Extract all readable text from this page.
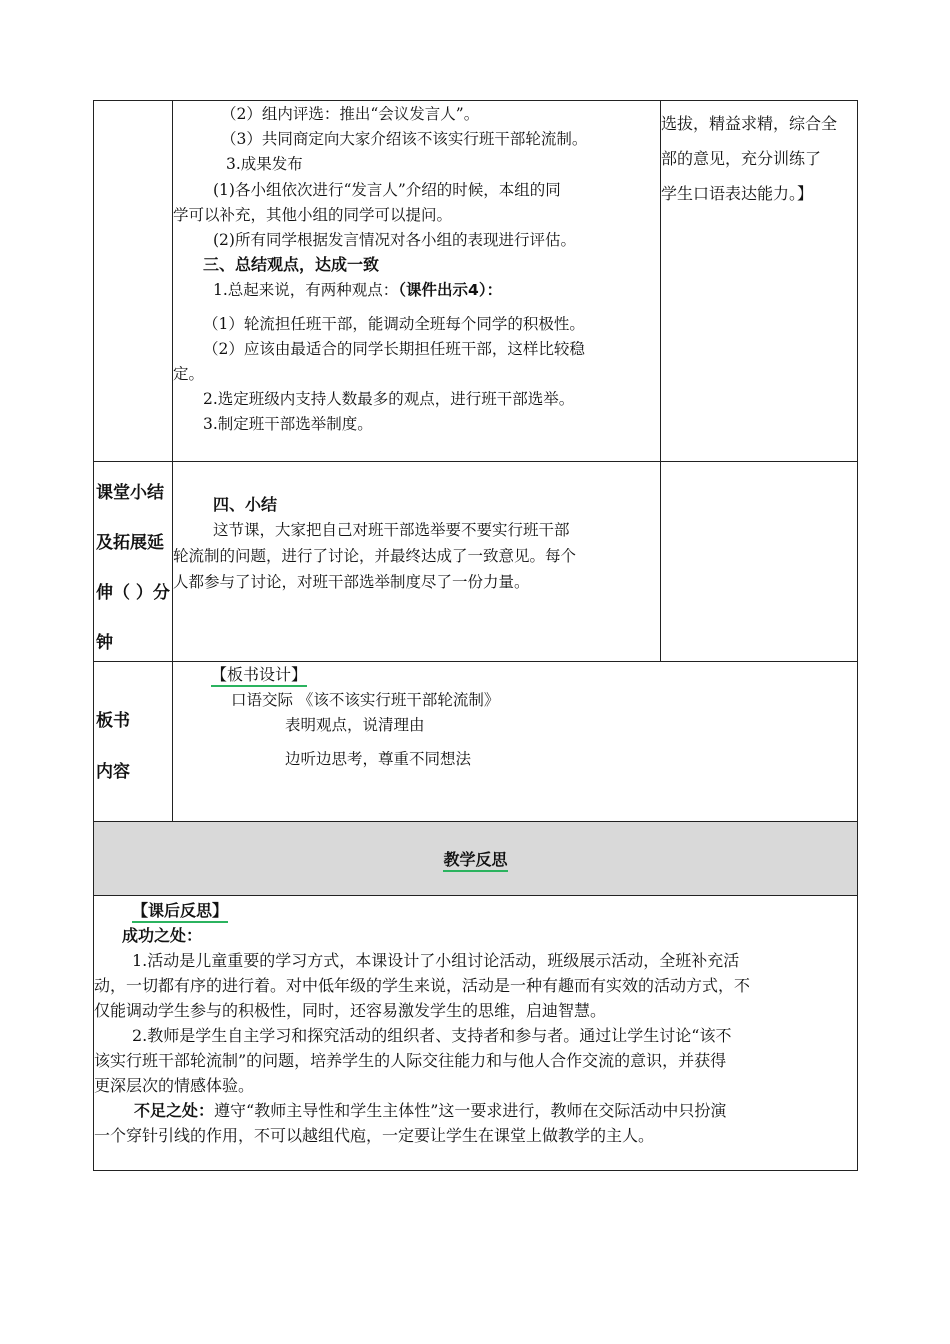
（2）组内评选：推出“会议发言人”。
（3）共同商定向大家介绍该不该实行班干部轮流制。
3.成果发布
(1)各小组依次进行“发言人”介绍的时候，本组的同
学可以补充，其他小组的同学可以提问。
(2)所有同学根据发言情况对各小组的表现进行评估。
三、总结观点，达成一致
1.总起来说，有两种观点：（课件出示4）：
（1）轮流担任班干部，能调动全班每个同学的积极性。
（2）应该由最适合的同学长期担任班干部，这样比较稳
定。
2.选定班级内支持人数最多的观点，进行班干部选举。
3.制定班干部选举制度。
选拔，精益求精，综合全
部的意见，充分训练了
学生口语表达能力。】
课堂小结
及拓展延
伸（ ）分
钟
四、小结
这节课，大家把自己对班干部选举要不要实行班干部
轮流制的问题，进行了讨论，并最终达成了一致意见。每个
人都参与了讨论，对班干部选举制度尽了一份力量。
板书
内容
【板书设计】
口语交际 《该不该实行班干部轮流制》
表明观点，说清理由
边听边思考，尊重不同想法
教学反思
【课后反思】
成功之处：
1.活动是儿童重要的学习方式，本课设计了小组讨论活动，班级展示活动，全班补充活
动，一切都有序的进行着。对中低年级的学生来说，活动是一种有趣而有实效的活动方式，不
仅能调动学生参与的积极性，同时，还容易激发学生的思维，启迪智慧。
2.教师是学生自主学习和探究活动的组织者、支持者和参与者。通过让学生讨论“该不
该实行班干部轮流制”的问题，培养学生的人际交往能力和与他人合作交流的意识，并获得
更深层次的情感体验。
不足之处：遵守“教师主导性和学生主体性”这一要求进行，教师在交际活动中只扮演
一个穿针引线的作用，不可以越组代庖，一定要让学生在课堂上做教学的主人。
